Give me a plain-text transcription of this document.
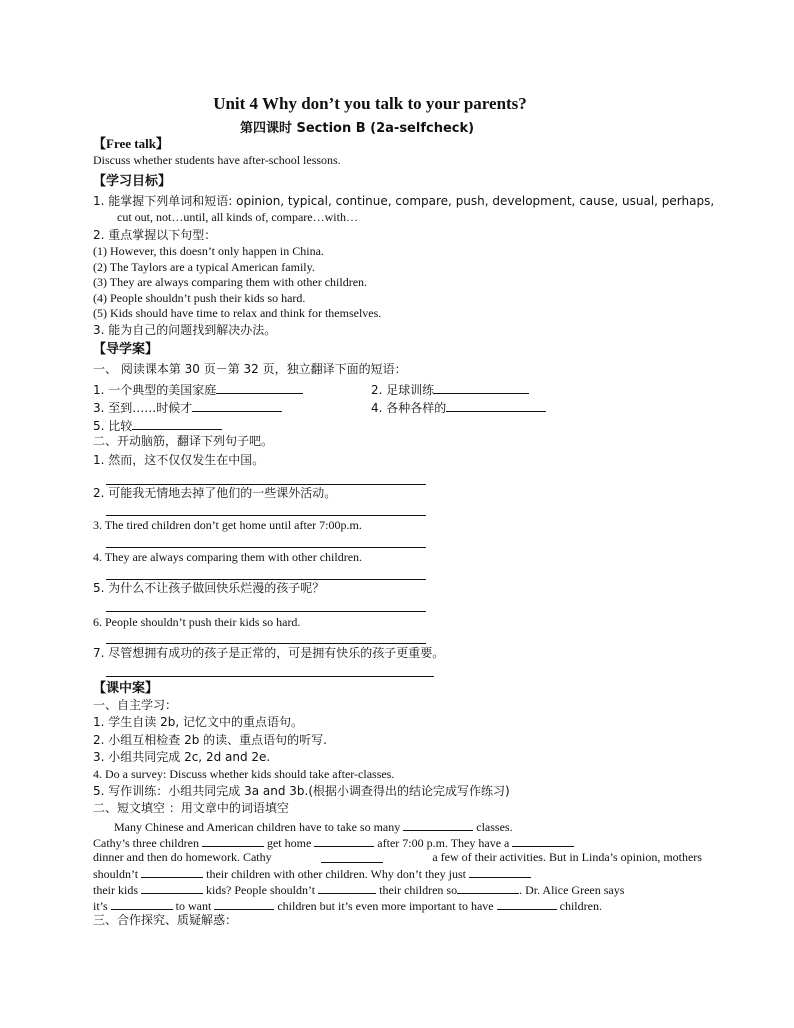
Unit 4 Why don’t you talk to your parents?
第四课时 Section B (2a-selfcheck)
【Free talk】
Discuss whether students have after-school lessons.
【学习目标】
1. 能掌握下列单词和短语: opinion, typical, continue, compare, push, development, cause, usual, perhaps,
cut out, not…until, all kinds of, compare…with…
2. 重点掌握以下句型：
(1) However, this doesn’t only happen in China.
(2) The Taylors are a typical American family.
(3) They are always comparing them with other children.
(4) People shouldn’t push their kids so hard.
(5) Kids should have time to relax and think for themselves.
3. 能为自己的问题找到解决办法。
【导学案】
一、 阅读课本第 30 页－第 32 页，独立翻译下面的短语：
1. 一个典型的美国家庭	2. 足球训练
3. 至到……时候才	4. 各种各样的
5. 比较
二、开动脑筋，翻译下列句子吧。
1. 然而，这不仅仅发生在中国。
2. 可能我无情地去掉了他们的一些课外活动。
3. The tired children don’t get home until after 7:00p.m.
4. They are always comparing them with other children.
5. 为什么不让孩子做回快乐烂漫的孩子呢？
6. People shouldn’t push their kids so hard.
7. 尽管想拥有成功的孩子是正常的，可是拥有快乐的孩子更重要。
【课中案】
一、自主学习：
1. 学生自读 2b, 记忆文中的重点语句。
2. 小组互相检查 2b 的读、重点语句的听写.
3. 小组共同完成 2c, 2d and 2e.
4. Do a survey: Discuss whether kids should take after-classes.
5. 写作训练：小组共同完成 3a and 3b.(根据小调查得出的结论完成写作练习)
二、短文填空 ：用文章中的词语填空
Many Chinese and American children have to take so many	classes.
Cathy’s three children	get home	after 7:00 p.m. They have a
dinner and then do homework. Cathy	a few of their activities. But in Linda’s opinion, mothers
shouldn’t	their children with other children. Why don’t they just
their kids	kids? People shouldn’t	their children so	. Dr. Alice Green says
it’s	to want	children but it’s even more important to have	children.
三、合作探究、质疑解惑：
